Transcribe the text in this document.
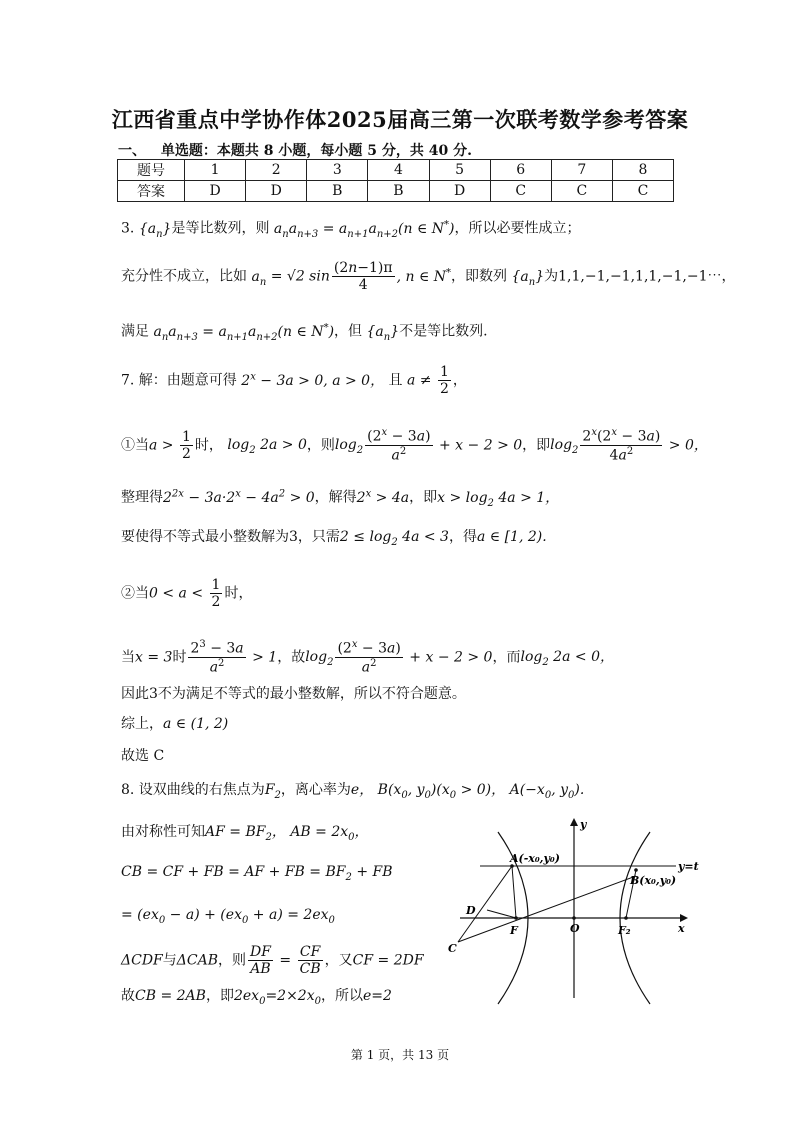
江西省重点中学协作体2025届高三第一次联考数学参考答案
一、 单选题：本题共 8 小题，每小题 5 分，共 40 分.
题号	1	2	3	4	5	6	7	8
答案	D	D	B	B	D	C	C	C
3. $\{a_n\}$是等比数列，则 $a_na_{n+3} = a_{n+1}a_{n+2}(n$ ∈ N*)，所以必要性成立；
充分性不成立，比如 $a_n = √2$ $\sin \frac{(2n-1)\pi}{4}$ , n ∈ N*，即数列 $\{a_n\}$为1,1,−1,−1,1,1,−1,−1⋯，
满足 $a_na_{n+3} = a_{n+1}a_{n+2}(n$ ∈ N*)，但 $\{a_n\}$不是等比数列.
7. 解：由题意可得 $2^x - 3a > 0$, a > 0， 且 $a \ne \frac{1}{2}$ ，
①当$a > \frac{1}{2}$ 时， $\log_2 2a > 0$，则$\log_2 \frac{(2^x - 3a)}{a^2} + x - 2 > 0$，即$\log_2 \frac{2^x(2^x - 3a)}{4a^2} > 0$，
整理得$2^{2x} - 3a\cdot 2^x - 4a^2 > 0$，解得$2^x > 4a$，即$x > \log_2 4a > 1$，
要使得不等式最小整数解为3，只需$2 \le \log_2 4a < 3$，得a ∈ [1, 2).
②当$0 < a < \frac{1}{2}$ 时，
当x = 3时 $\frac{2^3 - 3a}{a^2} > 1$，故$\log_2 \frac{(2^x - 3a)}{a^2} + x - 2 > 0$，而$\log_2 2a < 0$，
因此3不为满足不等式的最小整数解，所以不符合题意。
综上，a ∈ (1, 2)
故选 C
8. 设双曲线的右焦点为$F_2$，离心率为e， $B(x_0$, $y_0)(x_0 > 0)$， $A(-x_0$, $y_0$).
由对称性可知AF = $BF_2$， AB = $2x_0$，
CB = CF + FB = AF + FB = $BF_2$ + FB
= $(ex_0 - a) + (ex_0 + a) = 2ex_0$
ΔCDF与ΔCAB，则 $\frac{DF}{AB} = \frac{CF}{CB}$ ，又CF = 2DF
故CB = 2AB，即$2ex_0=2\times 2x_0$，所以e=2
y
x
A(-x₀,y₀)
B(x₀,y₀)
y=t
D
C
F	O	F₂
第 1 页，共 13 页
